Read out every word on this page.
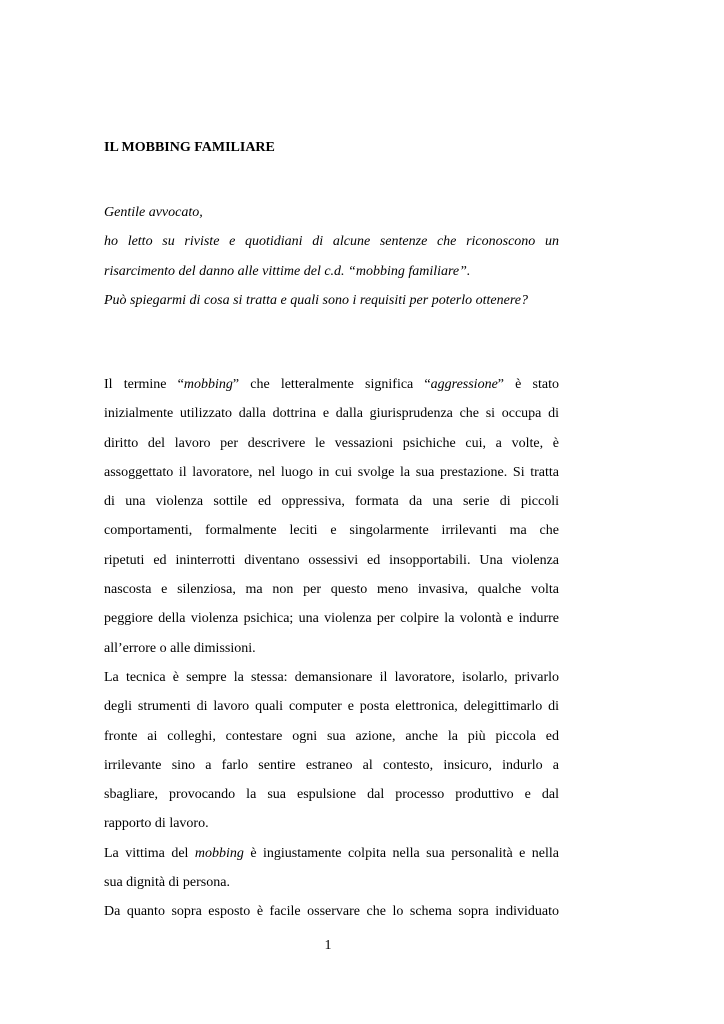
IL MOBBING FAMILIARE

Gentile avvocato,

ho letto su riviste e quotidiani di alcune sentenze che riconoscono un

risarcimento del danno alle vittime del c.d. “mobbing familiare”.

Può spiegarmi di cosa si tratta e quali sono i requisiti per poterlo ottenere?

Il termine “mobbing” che letteralmente significa “aggressione” è stato
inizialmente utilizzato dalla dottrina e dalla giurisprudenza che si occupa di
diritto del lavoro per descrivere le vessazioni psichiche cui, a volte, è
assoggettato il lavoratore, nel luogo in cui svolge la sua prestazione. Si tratta
di una violenza sottile ed oppressiva, formata da una serie di piccoli
comportamenti, formalmente leciti e singolarmente irrilevanti ma che
ripetuti ed ininterrotti diventano ossessivi ed insopportabili. Una violenza
nascosta e silenziosa, ma non per questo meno invasiva, qualche volta
peggiore della violenza psichica; una violenza per colpire la volontà e indurre
all’errore o alle dimissioni.
La tecnica è sempre la stessa: demansionare il lavoratore, isolarlo, privarlo
degli strumenti di lavoro quali computer e posta elettronica, delegittimarlo di
fronte ai colleghi, contestare ogni sua azione, anche la più piccola ed
irrilevante sino a farlo sentire estraneo al contesto, insicuro, indurlo a
sbagliare, provocando la sua espulsione dal processo produttivo e dal
rapporto di lavoro.
La vittima del mobbing è ingiustamente colpita nella sua personalità e nella
sua dignità di persona.
Da quanto sopra esposto è facile osservare che lo schema sopra individuato
1
